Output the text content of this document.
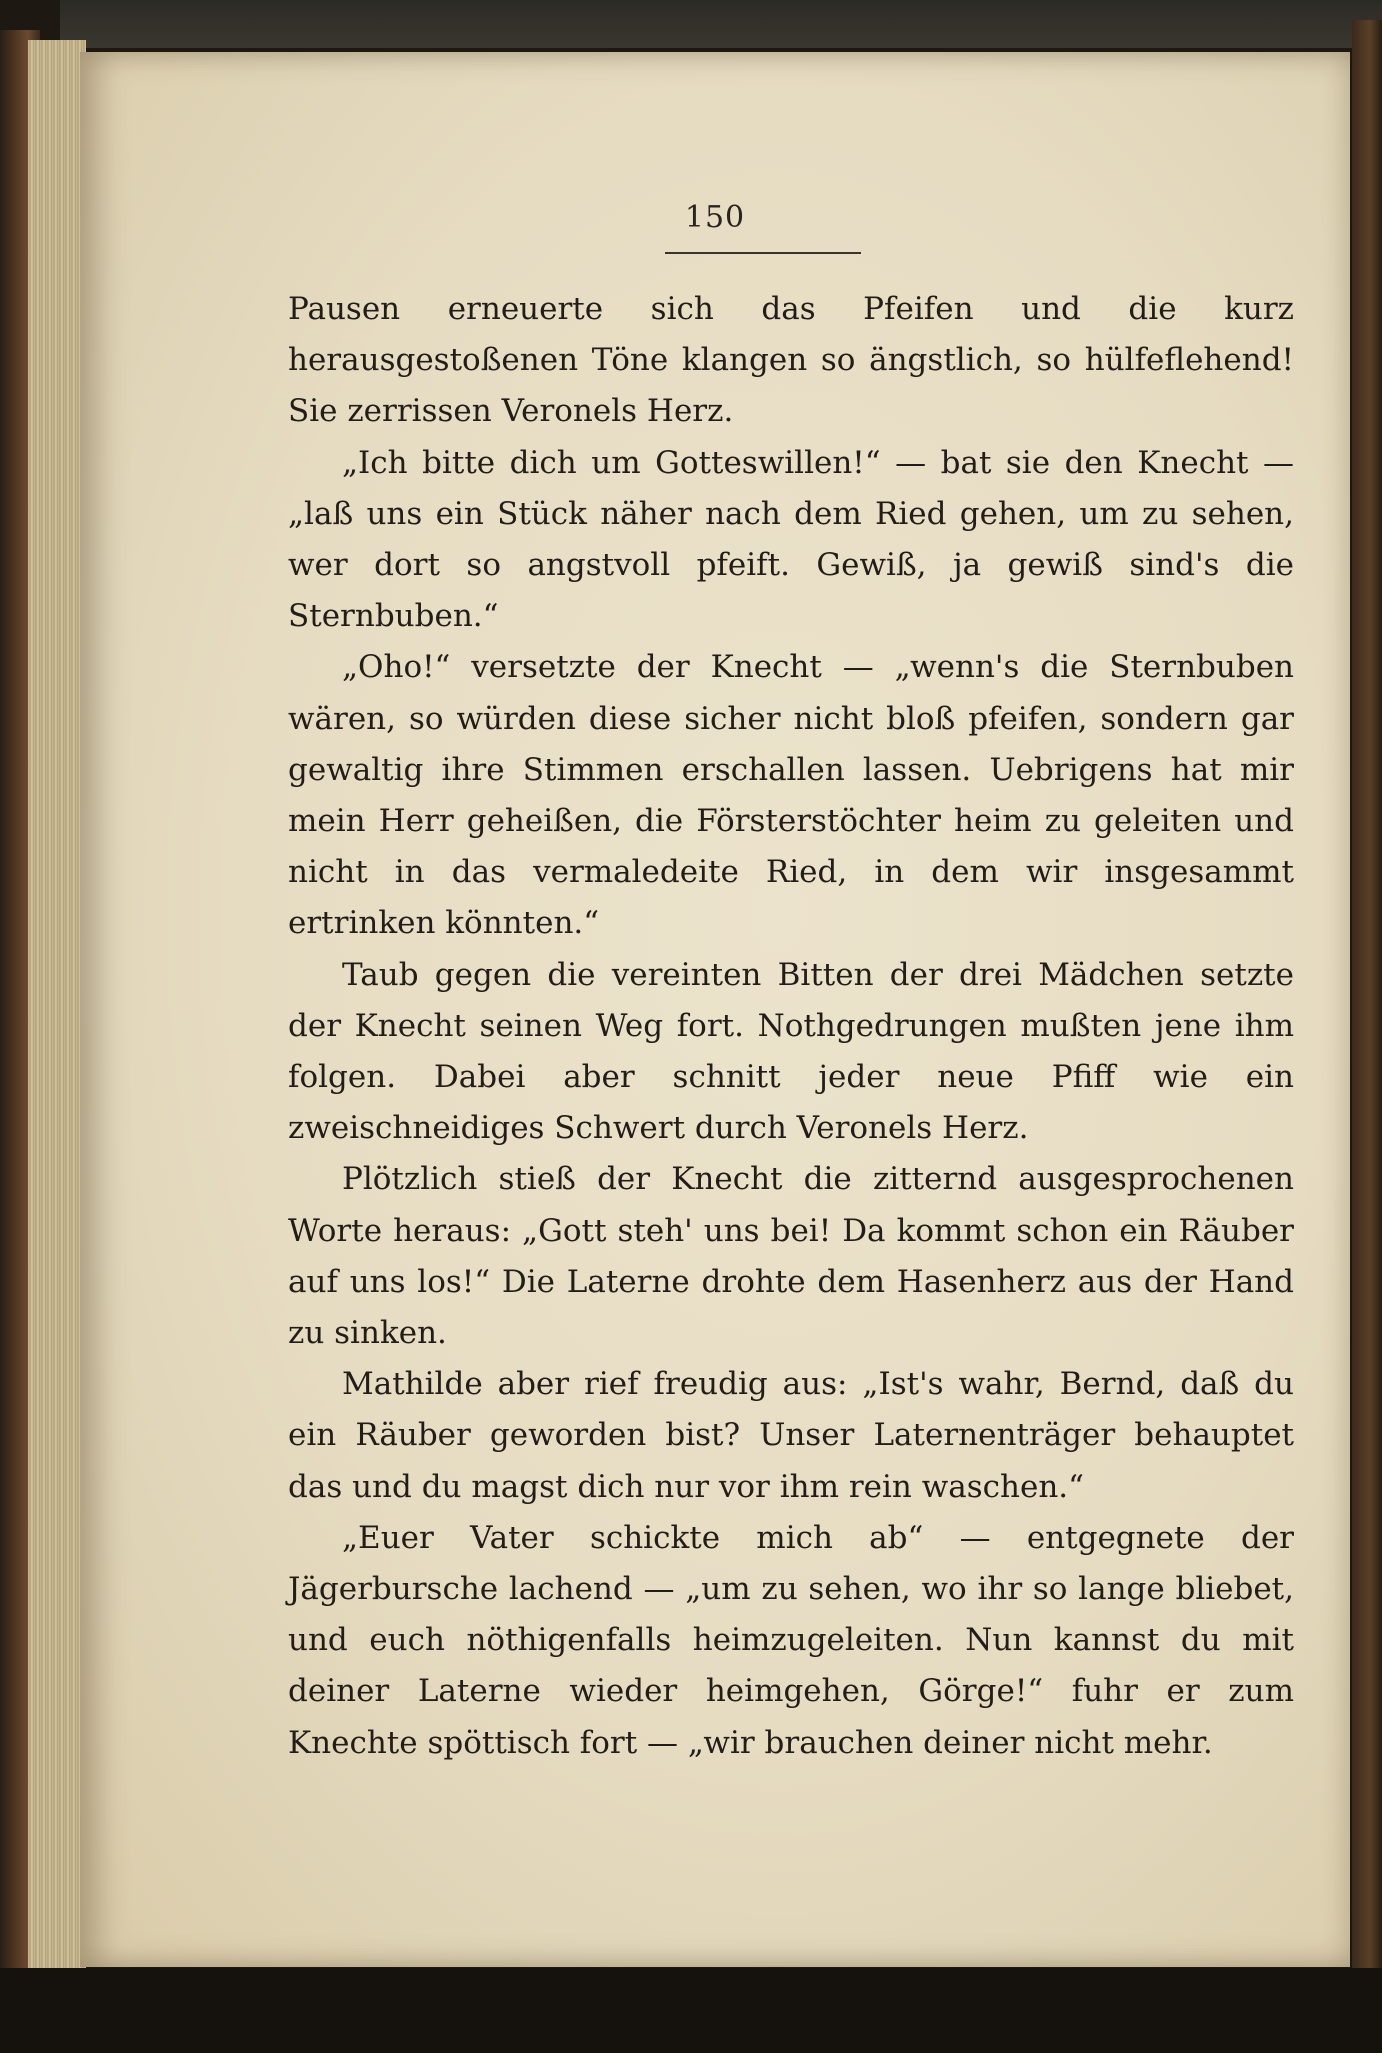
150

Pausen erneuerte sich das Pfeifen und die kurz herausgestoßenen Töne klangen so ängstlich, so hülfeflehend! Sie zerrissen Veronels Herz.

„Ich bitte dich um Gotteswillen!“ — bat sie den Knecht — „laß uns ein Stück näher nach dem Ried gehen, um zu sehen, wer dort so angstvoll pfeift. Gewiß, ja gewiß sind's die Sternbuben.“

„Oho!“ versetzte der Knecht — „wenn's die Sternbuben wären, so würden diese sicher nicht bloß pfeifen, sondern gar gewaltig ihre Stimmen erschallen lassen. Uebrigens hat mir mein Herr geheißen, die Försterstöchter heim zu geleiten und nicht in das vermaledeite Ried, in dem wir insgesammt ertrinken könnten.“

Taub gegen die vereinten Bitten der drei Mädchen setzte der Knecht seinen Weg fort. Nothgedrungen mußten jene ihm folgen. Dabei aber schnitt jeder neue Pfiff wie ein zweischneidiges Schwert durch Veronels Herz.

Plötzlich stieß der Knecht die zitternd ausgesprochenen Worte heraus: „Gott steh' uns bei! Da kommt schon ein Räuber auf uns los!“ Die Laterne drohte dem Hasenherz aus der Hand zu sinken.

Mathilde aber rief freudig aus: „Ist's wahr, Bernd, daß du ein Räuber geworden bist? Unser Laternenträger behauptet das und du magst dich nur vor ihm rein waschen.“

„Euer Vater schickte mich ab“ — entgegnete der Jägerbursche lachend — „um zu sehen, wo ihr so lange bliebet, und euch nöthigenfalls heimzugeleiten. Nun kannst du mit deiner Laterne wieder heimgehen, Görge!“ fuhr er zum Knechte spöttisch fort — „wir brauchen deiner nicht mehr.
